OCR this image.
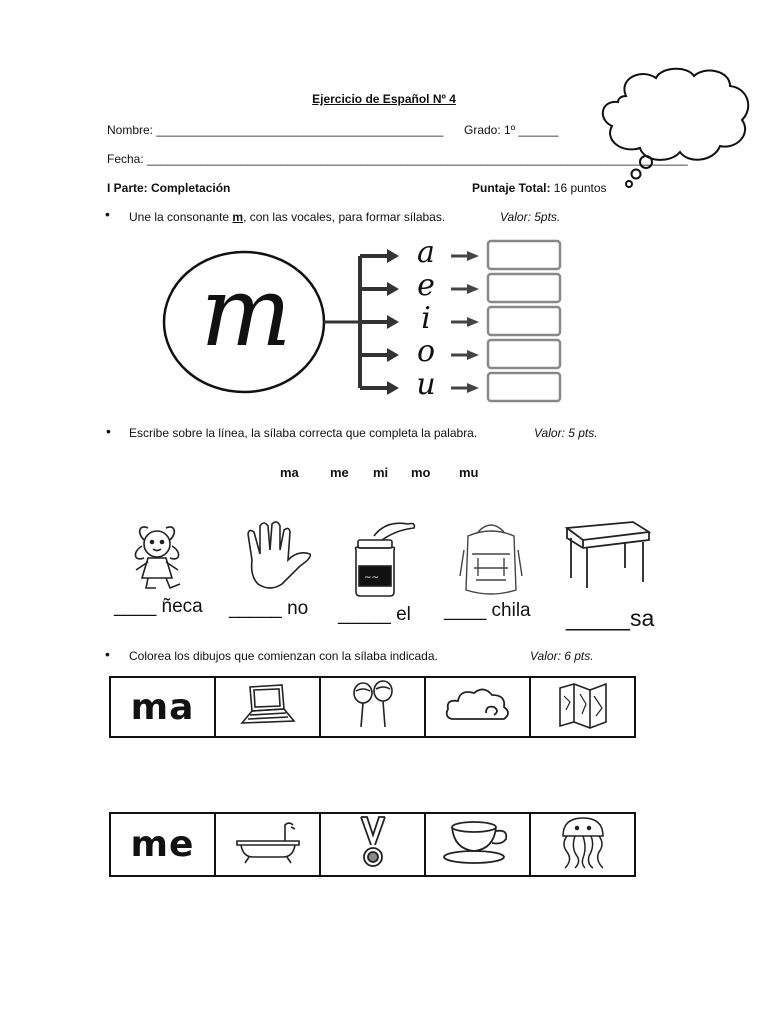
Ejercicio de Español Nº 4
Nombre: ___________________________________________ Grado: 1º ______
Fecha: _________________________________________________________________________________
I Parte: Completación	Puntaje Total: 16 puntos
• Une la consonante m, con las vocales, para formar sílabas.	Valor: 5pts.
m
a
e
i
o
u
• Escribe sobre la línea, la sílaba correcta que completa la palabra.	Valor: 5 pts.
ma me mi mo mu
~~
____ ñeca _____ no _____ el ____ chila _____sa
• Colorea los dibujos que comienzan con la sílaba indicada.	Valor: 6 pts.
ma				
me				
